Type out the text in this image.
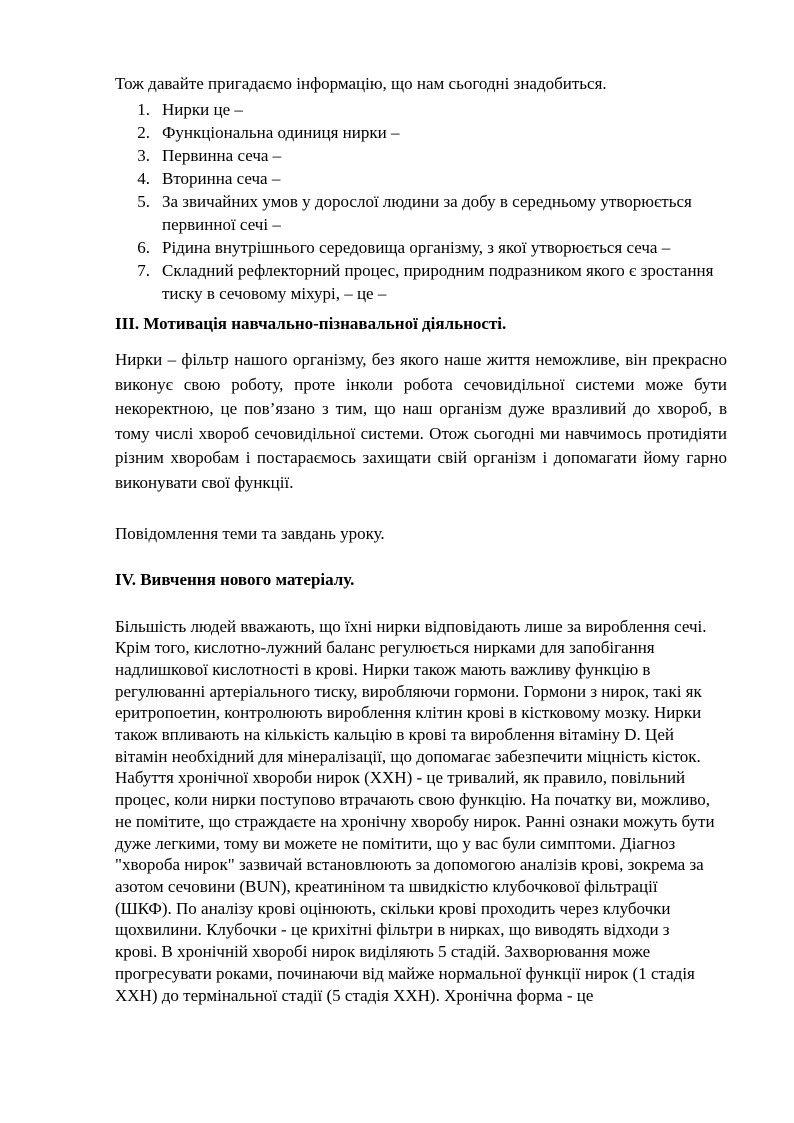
Тож давайте пригадаємо інформацію, що нам сьогодні знадобиться.

1. Нирки це –
2. Функціональна одиниця нирки –
3. Первинна сеча –
4. Вторинна сеча –
5. За звичайних умов у дорослої людини за добу в середньому утворюється первинної сечі –
6. Рідина внутрішнього середовища організму, з якої утворюється сеча –
7. Складний рефлекторний процес, природним подразником якого є зростання тиску в сечовому міхурі, – це –
ІІІ. Мотивація навчально-пізнавальної діяльності.

Нирки – фільтр нашого організму, без якого наше життя неможливе, він прекрасно виконує свою роботу, проте інколи робота сечовидільної системи може бути некоректною, це пов’язано з тим, що наш організм дуже вразливий до хвороб, в тому числі хвороб сечовидільної системи. Отож сьогодні ми навчимось протидіяти різним хворобам і постараємось захищати свій організм і допомагати йому гарно виконувати свої функції.

Повідомлення теми та завдань уроку.

ІV. Вивчення нового матеріалу.

Більшість людей вважають, що їхні нирки відповідають лише за вироблення сечі. Крім того, кислотно-лужний баланс регулюється нирками для запобігання надлишкової кислотності в крові. Нирки також мають важливу функцію в регулюванні артеріального тиску, виробляючи гормони. Гормони з нирок, такі як еритропоетин, контролюють вироблення клітин крові в кістковому мозку. Нирки також впливають на кількість кальцію в крові та вироблення вітаміну D. Цей вітамін необхідний для мінералізації, що допомагає забезпечити міцність кісток. Набуття хронічної хвороби нирок (ХХН) - це тривалий, як правило, повільний процес, коли нирки поступово втрачають свою функцію. На початку ви, можливо, не помітите, що страждаєте на хронічну хворобу нирок. Ранні ознаки можуть бути дуже легкими, тому ви можете не помітити, що у вас були симптоми. Діагноз "хвороба нирок" зазвичай встановлюють за допомогою аналізів крові, зокрема за азотом сечовини (BUN), креатиніном та швидкістю клубочкової фільтрації (ШКФ). По аналізу крові оцінюють, скільки крові проходить через клубочки щохвилини. Клубочки - це крихітні фільтри в нирках, що виводять відходи з крові. В хронічній хворобі нирок виділяють 5 стадій. Захворювання може прогресувати роками, починаючи від майже нормальної функції нирок (1 стадія ХХН) до термінальної стадії (5 стадія ХХН). Хронічна форма - це
